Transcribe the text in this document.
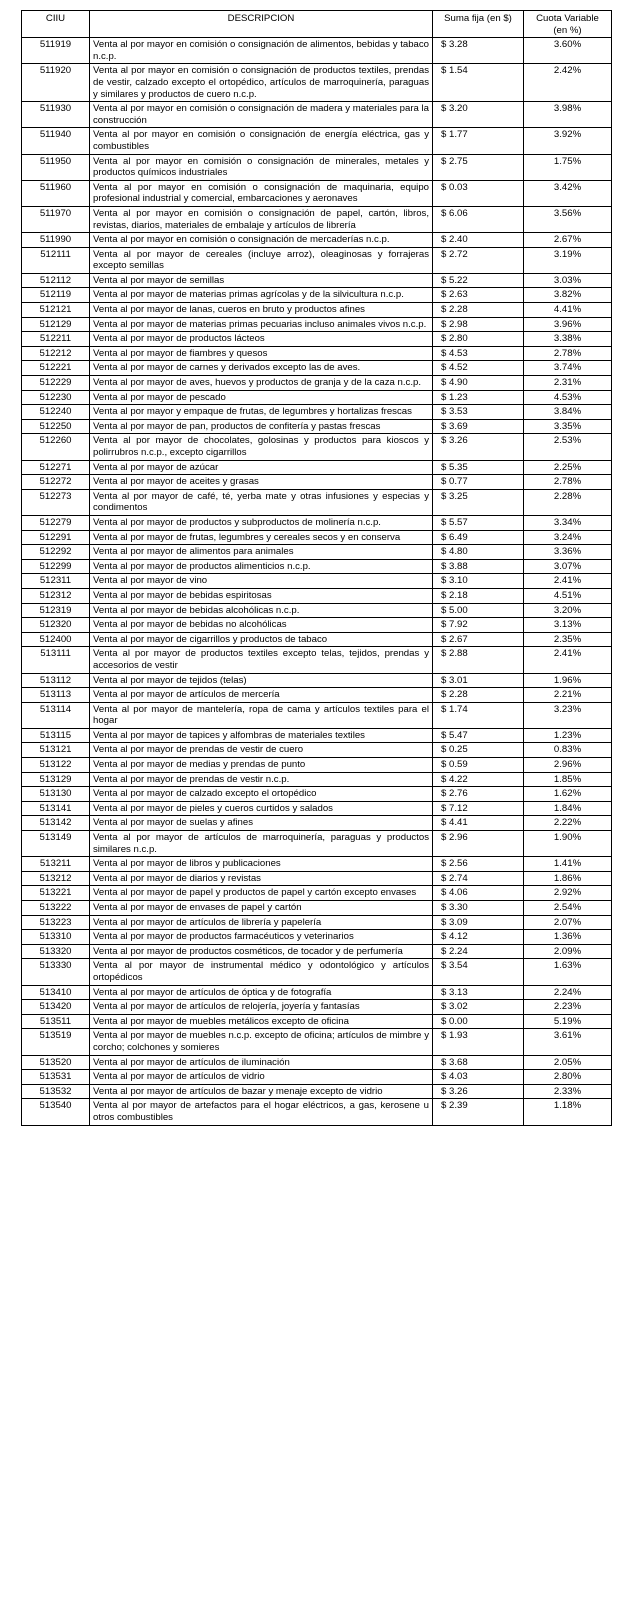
CIIU	DESCRIPCION	Suma fija (en $)	Cuota Variable
(en %)
511919	Venta al por mayor en comisión o consignación de alimentos, bebidas y tabaco n.c.p.	$ 3.28	3.60%
511920	Venta al por mayor en comisión o consignación de productos textiles, prendas de vestir, calzado excepto el ortopédico, artículos de marroquinería, paraguas y similares y productos de cuero n.c.p.	$ 1.54	2.42%
511930	Venta al por mayor en comisión o consignación de madera y materiales para la construcción	$ 3.20	3.98%
511940	Venta al por mayor en comisión o consignación de energía eléctrica, gas y combustibles	$ 1.77	3.92%
511950	Venta al por mayor en comisión o consignación de minerales, metales y productos químicos industriales	$ 2.75	1.75%
511960	Venta al por mayor en comisión o consignación de maquinaria, equipo profesional industrial y comercial, embarcaciones y aeronaves	$ 0.03	3.42%
511970	Venta al por mayor en comisión o consignación de papel, cartón, libros, revistas, diarios, materiales de embalaje y artículos de librería	$ 6.06	3.56%
511990	Venta al por mayor en comisión o consignación de mercaderías n.c.p.	$ 2.40	2.67%
512111	Venta al por mayor de cereales (incluye arroz), oleaginosas y forrajeras excepto semillas	$ 2.72	3.19%
512112	Venta al por mayor de semillas	$ 5.22	3.03%
512119	Venta al por mayor de materias primas agrícolas y de la silvicultura n.c.p.	$ 2.63	3.82%
512121	Venta al por mayor de lanas, cueros en bruto y productos afines	$ 2.28	4.41%
512129	Venta al por mayor de materias primas pecuarias incluso animales vivos n.c.p.	$ 2.98	3.96%
512211	Venta al por mayor de productos lácteos	$ 2.80	3.38%
512212	Venta al por mayor de fiambres y quesos	$ 4.53	2.78%
512221	Venta al por mayor de carnes y derivados excepto las de aves.	$ 4.52	3.74%
512229	Venta al por mayor de aves, huevos y productos de granja y de la caza n.c.p.	$ 4.90	2.31%
512230	Venta al por mayor de pescado	$ 1.23	4.53%
512240	Venta al por mayor y empaque de frutas, de legumbres y hortalizas frescas	$ 3.53	3.84%
512250	Venta al por mayor de pan, productos de confitería y pastas frescas	$ 3.69	3.35%
512260	Venta al por mayor de chocolates, golosinas y productos para kioscos y polirrubros n.c.p., excepto cigarrillos	$ 3.26	2.53%
512271	Venta al por mayor de azúcar	$ 5.35	2.25%
512272	Venta al por mayor de aceites y grasas	$ 0.77	2.78%
512273	Venta al por mayor de café, té, yerba mate y otras infusiones y especias y condimentos	$ 3.25	2.28%
512279	Venta al por mayor de productos y subproductos de molinería n.c.p.	$ 5.57	3.34%
512291	Venta al por mayor de frutas, legumbres y cereales secos y en conserva	$ 6.49	3.24%
512292	Venta al por mayor de alimentos para animales	$ 4.80	3.36%
512299	Venta al por mayor de productos alimenticios n.c.p.	$ 3.88	3.07%
512311	Venta al por mayor de vino	$ 3.10	2.41%
512312	Venta al por mayor de bebidas espiritosas	$ 2.18	4.51%
512319	Venta al por mayor de bebidas alcohólicas n.c.p.	$ 5.00	3.20%
512320	Venta al por mayor de bebidas no alcohólicas	$ 7.92	3.13%
512400	Venta al por mayor de cigarrillos y productos de tabaco	$ 2.67	2.35%
513111	Venta al por mayor de productos textiles excepto telas, tejidos, prendas y accesorios de vestir	$ 2.88	2.41%
513112	Venta al por mayor de tejidos (telas)	$ 3.01	1.96%
513113	Venta al por mayor de artículos de mercería	$ 2.28	2.21%
513114	Venta al por mayor de mantelería, ropa de cama y artículos textiles para el hogar	$ 1.74	3.23%
513115	Venta al por mayor de tapices y alfombras de materiales textiles	$ 5.47	1.23%
513121	Venta al por mayor de prendas de vestir de cuero	$ 0.25	0.83%
513122	Venta al por mayor de medias y prendas de punto	$ 0.59	2.96%
513129	Venta al por mayor de prendas de vestir n.c.p.	$ 4.22	1.85%
513130	Venta al por mayor de calzado excepto el ortopédico	$ 2.76	1.62%
513141	Venta al por mayor de pieles y cueros curtidos y salados	$ 7.12	1.84%
513142	Venta al por mayor de suelas y afines	$ 4.41	2.22%
513149	Venta al por mayor de artículos de marroquinería, paraguas y productos similares n.c.p.	$ 2.96	1.90%
513211	Venta al por mayor de libros y publicaciones	$ 2.56	1.41%
513212	Venta al por mayor de diarios y revistas	$ 2.74	1.86%
513221	Venta al por mayor de papel y productos de papel y cartón excepto envases	$ 4.06	2.92%
513222	Venta al por mayor de envases de papel y cartón	$ 3.30	2.54%
513223	Venta al por mayor de artículos de librería y papelería	$ 3.09	2.07%
513310	Venta al por mayor de productos farmacéuticos y veterinarios	$ 4.12	1.36%
513320	Venta al por mayor de productos cosméticos, de tocador y de perfumería	$ 2.24	2.09%
513330	Venta al por mayor de instrumental médico y odontológico y artículos ortopédicos	$ 3.54	1.63%
513410	Venta al por mayor de artículos de óptica y de fotografía	$ 3.13	2.24%
513420	Venta al por mayor de artículos de relojería, joyería y fantasías	$ 3.02	2.23%
513511	Venta al por mayor de muebles metálicos excepto de oficina	$ 0.00	5.19%
513519	Venta al por mayor de muebles n.c.p. excepto de oficina; artículos de mimbre y corcho; colchones y somieres	$ 1.93	3.61%
513520	Venta al por mayor de artículos de iluminación	$ 3.68	2.05%
513531	Venta al por mayor de artículos de vidrio	$ 4.03	2.80%
513532	Venta al por mayor de artículos de bazar y menaje excepto de vidrio	$ 3.26	2.33%
513540	Venta al por mayor de artefactos para el hogar eléctricos, a gas, kerosene u otros combustibles	$ 2.39	1.18%
